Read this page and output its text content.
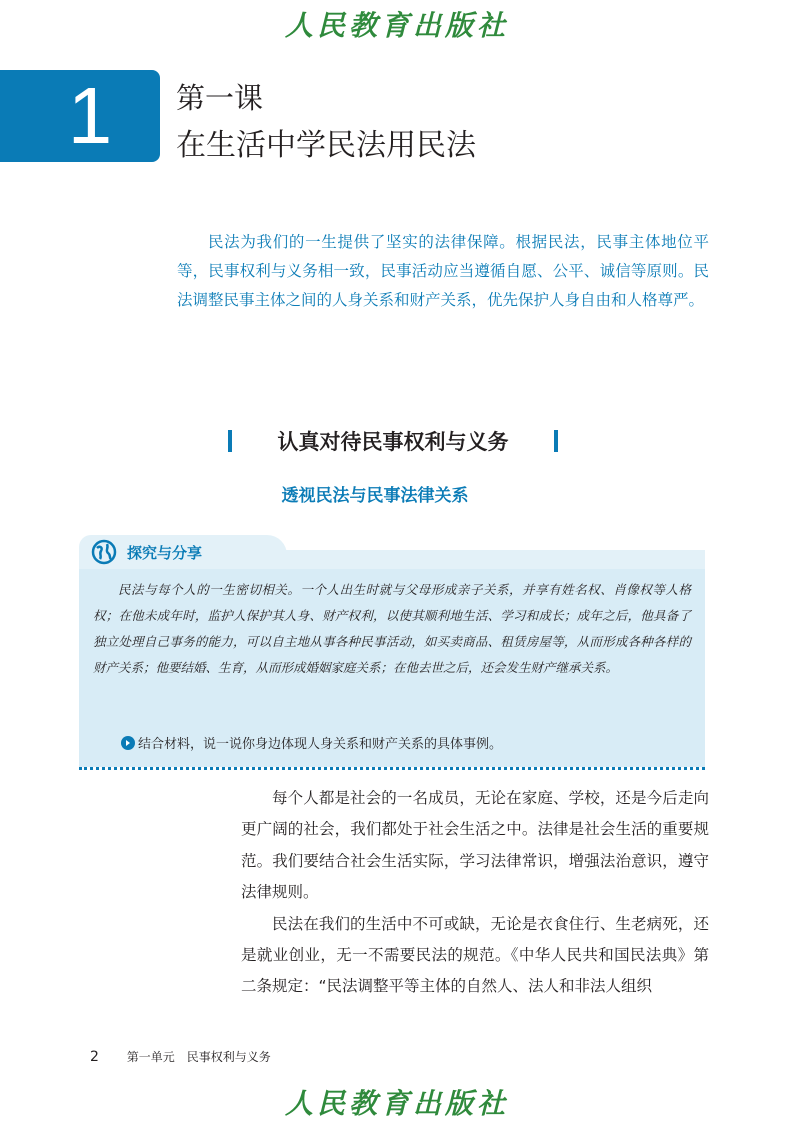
人民教育出版社
1	第一课
在生活中学民法用民法

民法为我们的一生提供了坚实的法律保障。根据民法，民事主体地位平等，民事权利与义务相一致，民事活动应当遵循自愿、公平、诚信等原则。民法调整民事主体之间的人身关系和财产关系，优先保护人身自由和人格尊严。

认真对待民事权利与义务
透视民法与民事法律关系
探究与分享

民法与每个人的一生密切相关。一个人出生时就与父母形成亲子关系，并享有姓名权、肖像权等人格权；在他未成年时，监护人保护其人身、财产权利，以使其顺利地生活、学习和成长；成年之后，他具备了独立处理自己事务的能力，可以自主地从事各种民事活动，如买卖商品、租赁房屋等，从而形成各种各样的财产关系；他要结婚、生育，从而形成婚姻家庭关系；在他去世之后，还会发生财产继承关系。

结合材料，说一说你身边体现人身关系和财产关系的具体事例。

每个人都是社会的一名成员，无论在家庭、学校，还是今后走向更广阔的社会，我们都处于社会生活之中。法律是社会生活的重要规范。我们要结合社会生活实际，学习法律常识，增强法治意识，遵守法律规则。

民法在我们的生活中不可或缺，无论是衣食住行、生老病死，还是就业创业，无一不需要民法的规范。《中华人民共和国民法典》第二条规定：“民法调整平等主体的自然人、法人和非法人组织

2 第一单元　民事权利与义务
人民教育出版社
